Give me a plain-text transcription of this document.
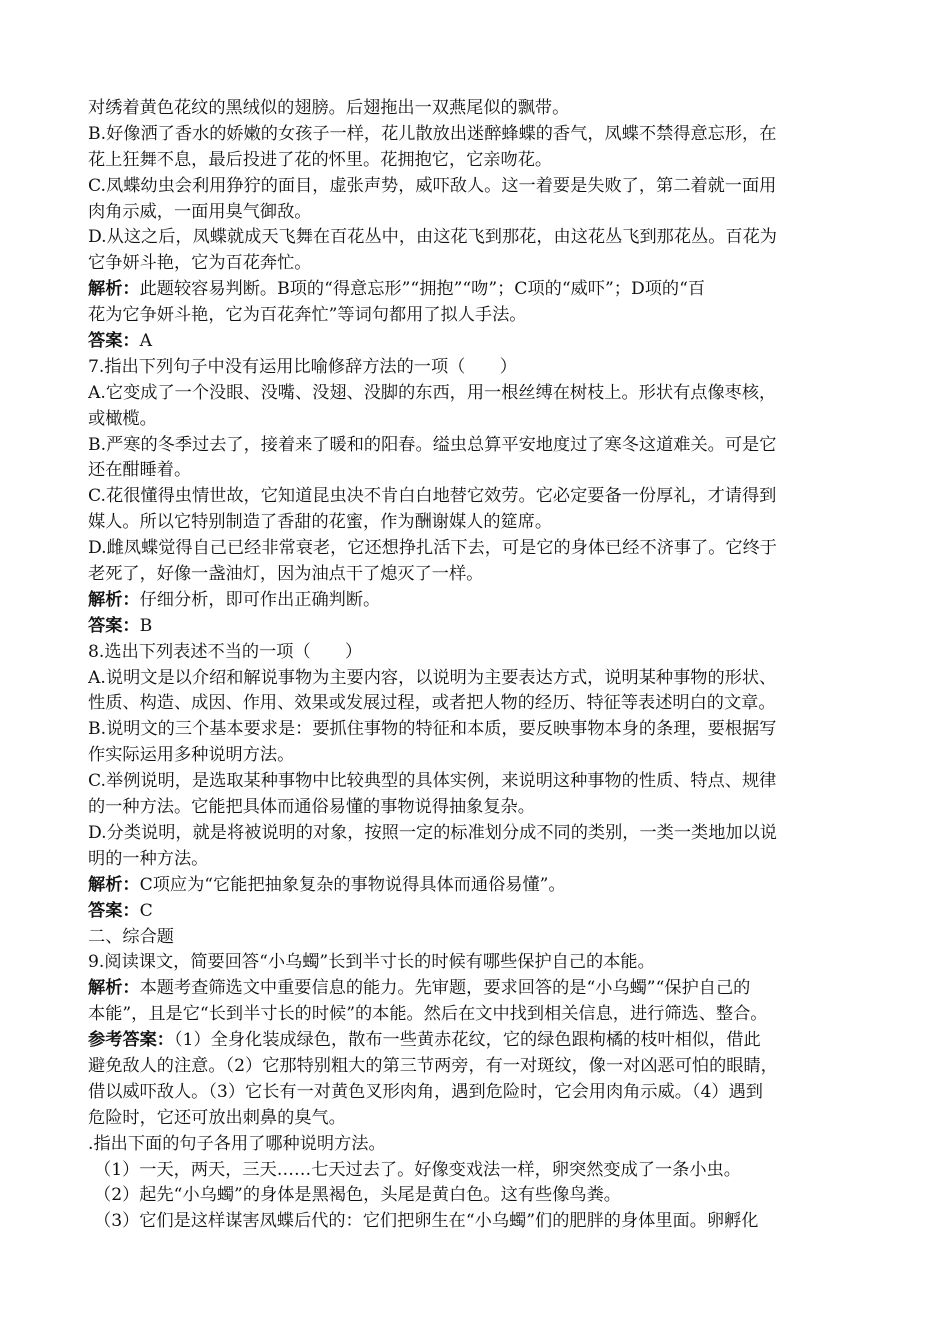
对绣着黄色花纹的黑绒似的翅膀。后翅拖出一双燕尾似的飘带。
B.好像洒了香水的娇嫩的女孩子一样，花儿散放出迷醉蜂蝶的香气，凤蝶不禁得意忘形，在
花上狂舞不息，最后投进了花的怀里。花拥抱它，它亲吻花。
C.凤蝶幼虫会利用狰狞的面目，虚张声势，威吓敌人。这一着要是失败了，第二着就一面用
肉角示威，一面用臭气御敌。
D.从这之后，凤蝶就成天飞舞在百花丛中，由这花飞到那花，由这花丛飞到那花丛。百花为
它争妍斗艳，它为百花奔忙。
解析：此题较容易判断。B项的“得意忘形”“拥抱”“吻”；C项的“威吓”；D项的“百
花为它争妍斗艳，它为百花奔忙”等词句都用了拟人手法。
答案：A
7.指出下列句子中没有运用比喻修辞方法的一项（　　）
A.它变成了一个没眼、没嘴、没翅、没脚的东西，用一根丝缚在树枝上。形状有点像枣核，
或橄榄。
B.严寒的冬季过去了，接着来了暖和的阳春。缢虫总算平安地度过了寒冬这道难关。可是它
还在酣睡着。
C.花很懂得虫情世故，它知道昆虫决不肯白白地替它效劳。它必定要备一份厚礼，才请得到
媒人。所以它特别制造了香甜的花蜜，作为酬谢媒人的筵席。
D.雌凤蝶觉得自己已经非常衰老，它还想挣扎活下去，可是它的身体已经不济事了。它终于
老死了，好像一盏油灯，因为油点干了熄灭了一样。
解析：仔细分析，即可作出正确判断。
答案：B
8.选出下列表述不当的一项（　　）
A.说明文是以介绍和解说事物为主要内容，以说明为主要表达方式，说明某种事物的形状、
性质、构造、成因、作用、效果或发展过程，或者把人物的经历、特征等表述明白的文章。
B.说明文的三个基本要求是：要抓住事物的特征和本质，要反映事物本身的条理，要根据写
作实际运用多种说明方法。
C.举例说明，是选取某种事物中比较典型的具体实例，来说明这种事物的性质、特点、规律
的一种方法。它能把具体而通俗易懂的事物说得抽象复杂。
D.分类说明，就是将被说明的对象，按照一定的标准划分成不同的类别，一类一类地加以说
明的一种方法。
解析：C项应为“它能把抽象复杂的事物说得具体而通俗易懂”。
答案：C
二、综合题
9.阅读课文，简要回答“小乌蠋”长到半寸长的时候有哪些保护自己的本能。
解析：本题考查筛选文中重要信息的能力。先审题，要求回答的是“小乌蠋”“保护自己的
本能”，且是它“长到半寸长的时候”的本能。然后在文中找到相关信息，进行筛选、整合。
参考答案：（1）全身化装成绿色，散布一些黄赤花纹，它的绿色跟枸橘的枝叶相似，借此
避免敌人的注意。（2）它那特别粗大的第三节两旁，有一对斑纹，像一对凶恶可怕的眼睛，
借以威吓敌人。（3）它长有一对黄色叉形肉角，遇到危险时，它会用肉角示威。（4）遇到
危险时，它还可放出刺鼻的臭气。
.指出下面的句子各用了哪种说明方法。
（1）一天，两天，三天……七天过去了。好像变戏法一样，卵突然变成了一条小虫。
（2）起先“小乌蠋”的身体是黑褐色，头尾是黄白色。这有些像鸟粪。
（3）它们是这样谋害凤蝶后代的：它们把卵生在“小乌蠋”们的肥胖的身体里面。卵孵化
